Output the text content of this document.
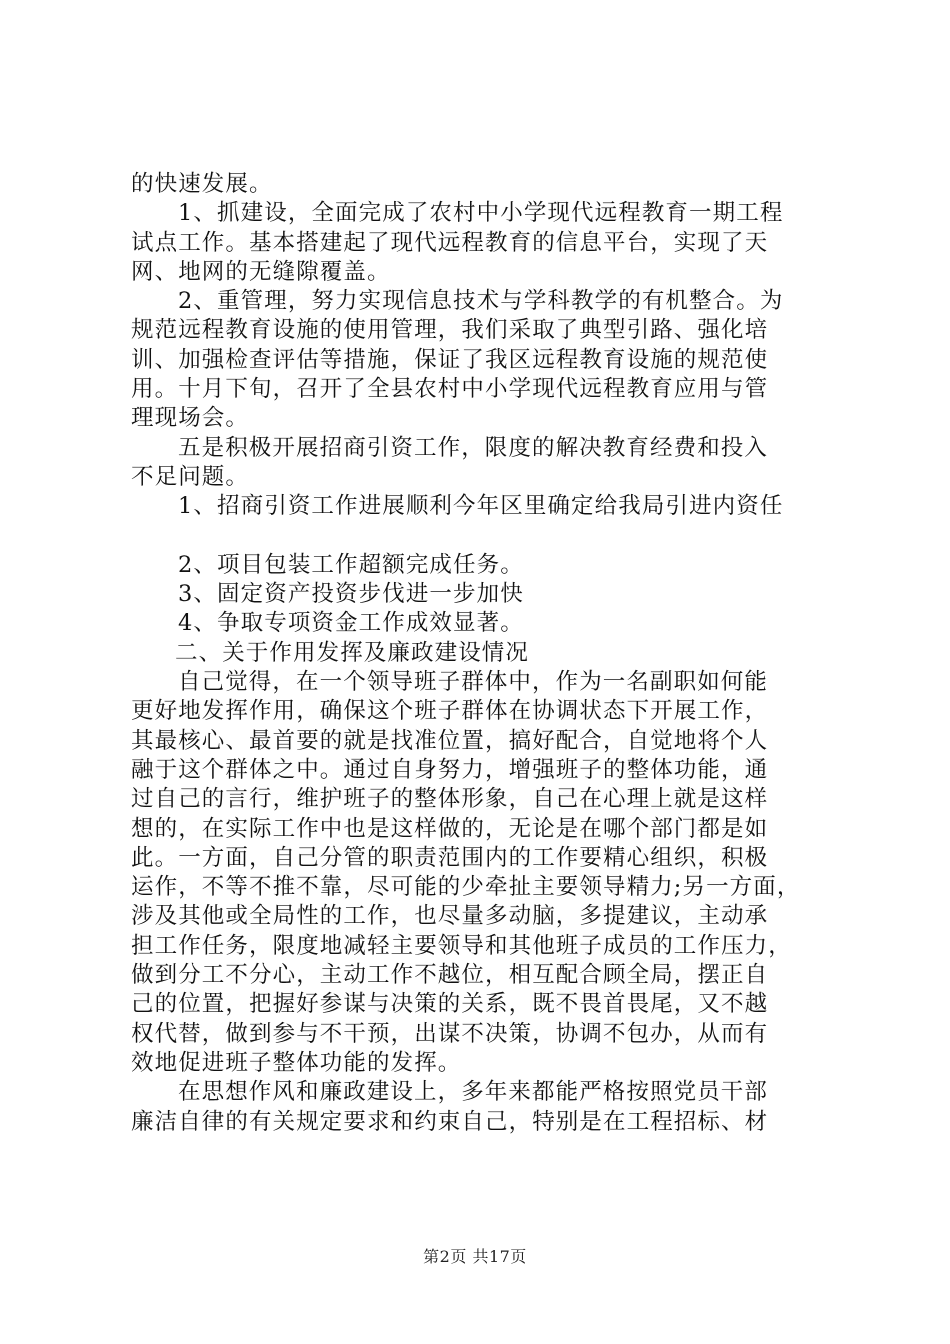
的快速发展。
1、抓建设，全面完成了农村中小学现代远程教育一期工程
试点工作。基本搭建起了现代远程教育的信息平台，实现了天
网、地网的无缝隙覆盖。
2、重管理，努力实现信息技术与学科教学的有机整合。为
规范远程教育设施的使用管理，我们采取了典型引路、强化培
训、加强检查评估等措施，保证了我区远程教育设施的规范使
用。十月下旬，召开了全县农村中小学现代远程教育应用与管
理现场会。
五是积极开展招商引资工作，限度的解决教育经费和投入
不足问题。
1、招商引资工作进展顺利今年区里确定给我局引进内资任
2、项目包装工作超额完成任务。
3、固定资产投资步伐进一步加快
4、争取专项资金工作成效显著。
二、关于作用发挥及廉政建设情况
自己觉得，在一个领导班子群体中，作为一名副职如何能
更好地发挥作用，确保这个班子群体在协调状态下开展工作，
其最核心、最首要的就是找准位置，搞好配合，自觉地将个人
融于这个群体之中。通过自身努力，增强班子的整体功能，通
过自己的言行，维护班子的整体形象，自己在心理上就是这样
想的，在实际工作中也是这样做的，无论是在哪个部门都是如
此。一方面，自己分管的职责范围内的工作要精心组织，积极
运作，不等不推不靠，尽可能的少牵扯主要领导精力;另一方面，
涉及其他或全局性的工作，也尽量多动脑，多提建议，主动承
担工作任务，限度地减轻主要领导和其他班子成员的工作压力，
做到分工不分心，主动工作不越位，相互配合顾全局，摆正自
己的位置，把握好参谋与决策的关系，既不畏首畏尾，又不越
权代替，做到参与不干预，出谋不决策，协调不包办，从而有
效地促进班子整体功能的发挥。
在思想作风和廉政建设上，多年来都能严格按照党员干部
廉洁自律的有关规定要求和约束自己，特别是在工程招标、材
第2页 共17页
